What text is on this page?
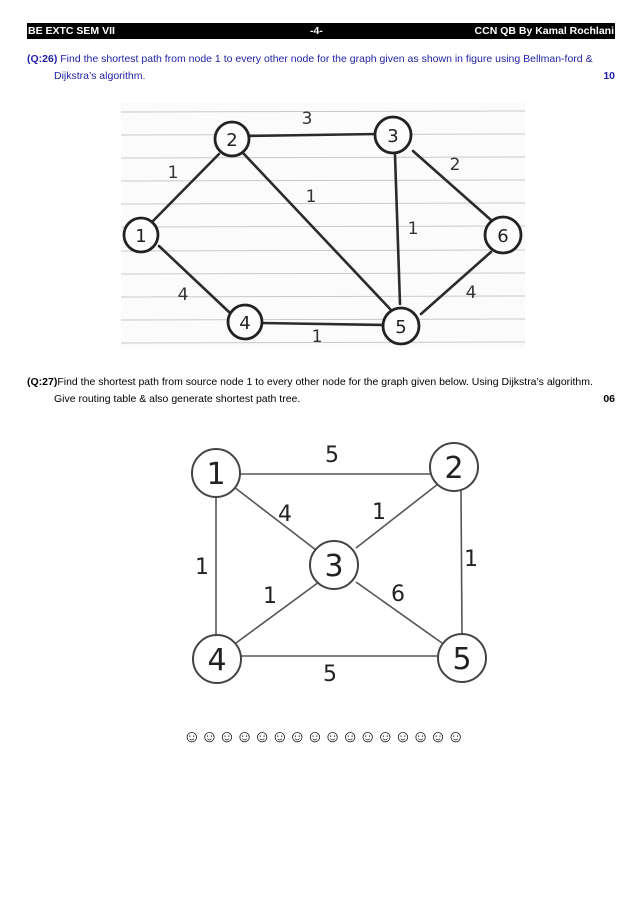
BE EXTC SEM VII	-4-	CCN QB By Kamal Rochlani
(Q:26) Find the shortest path from node 1 to every other node for the graph given as shown in figure using Bellman-ford &
Dijkstra’s algorithm.	10
1
2	3
4	5
6
1
3
1
1
2
4
1
4
(Q:27)Find the shortest path from source node 1 to every other node for the graph given below. Using Dijkstra’s algorithm.
Give routing table & also generate shortest path tree.	06
1	2
3
4	5
5
4	1
1	1
1	6
5
☺☺☺☺☺☺☺☺☺☺☺☺☺☺☺☺
